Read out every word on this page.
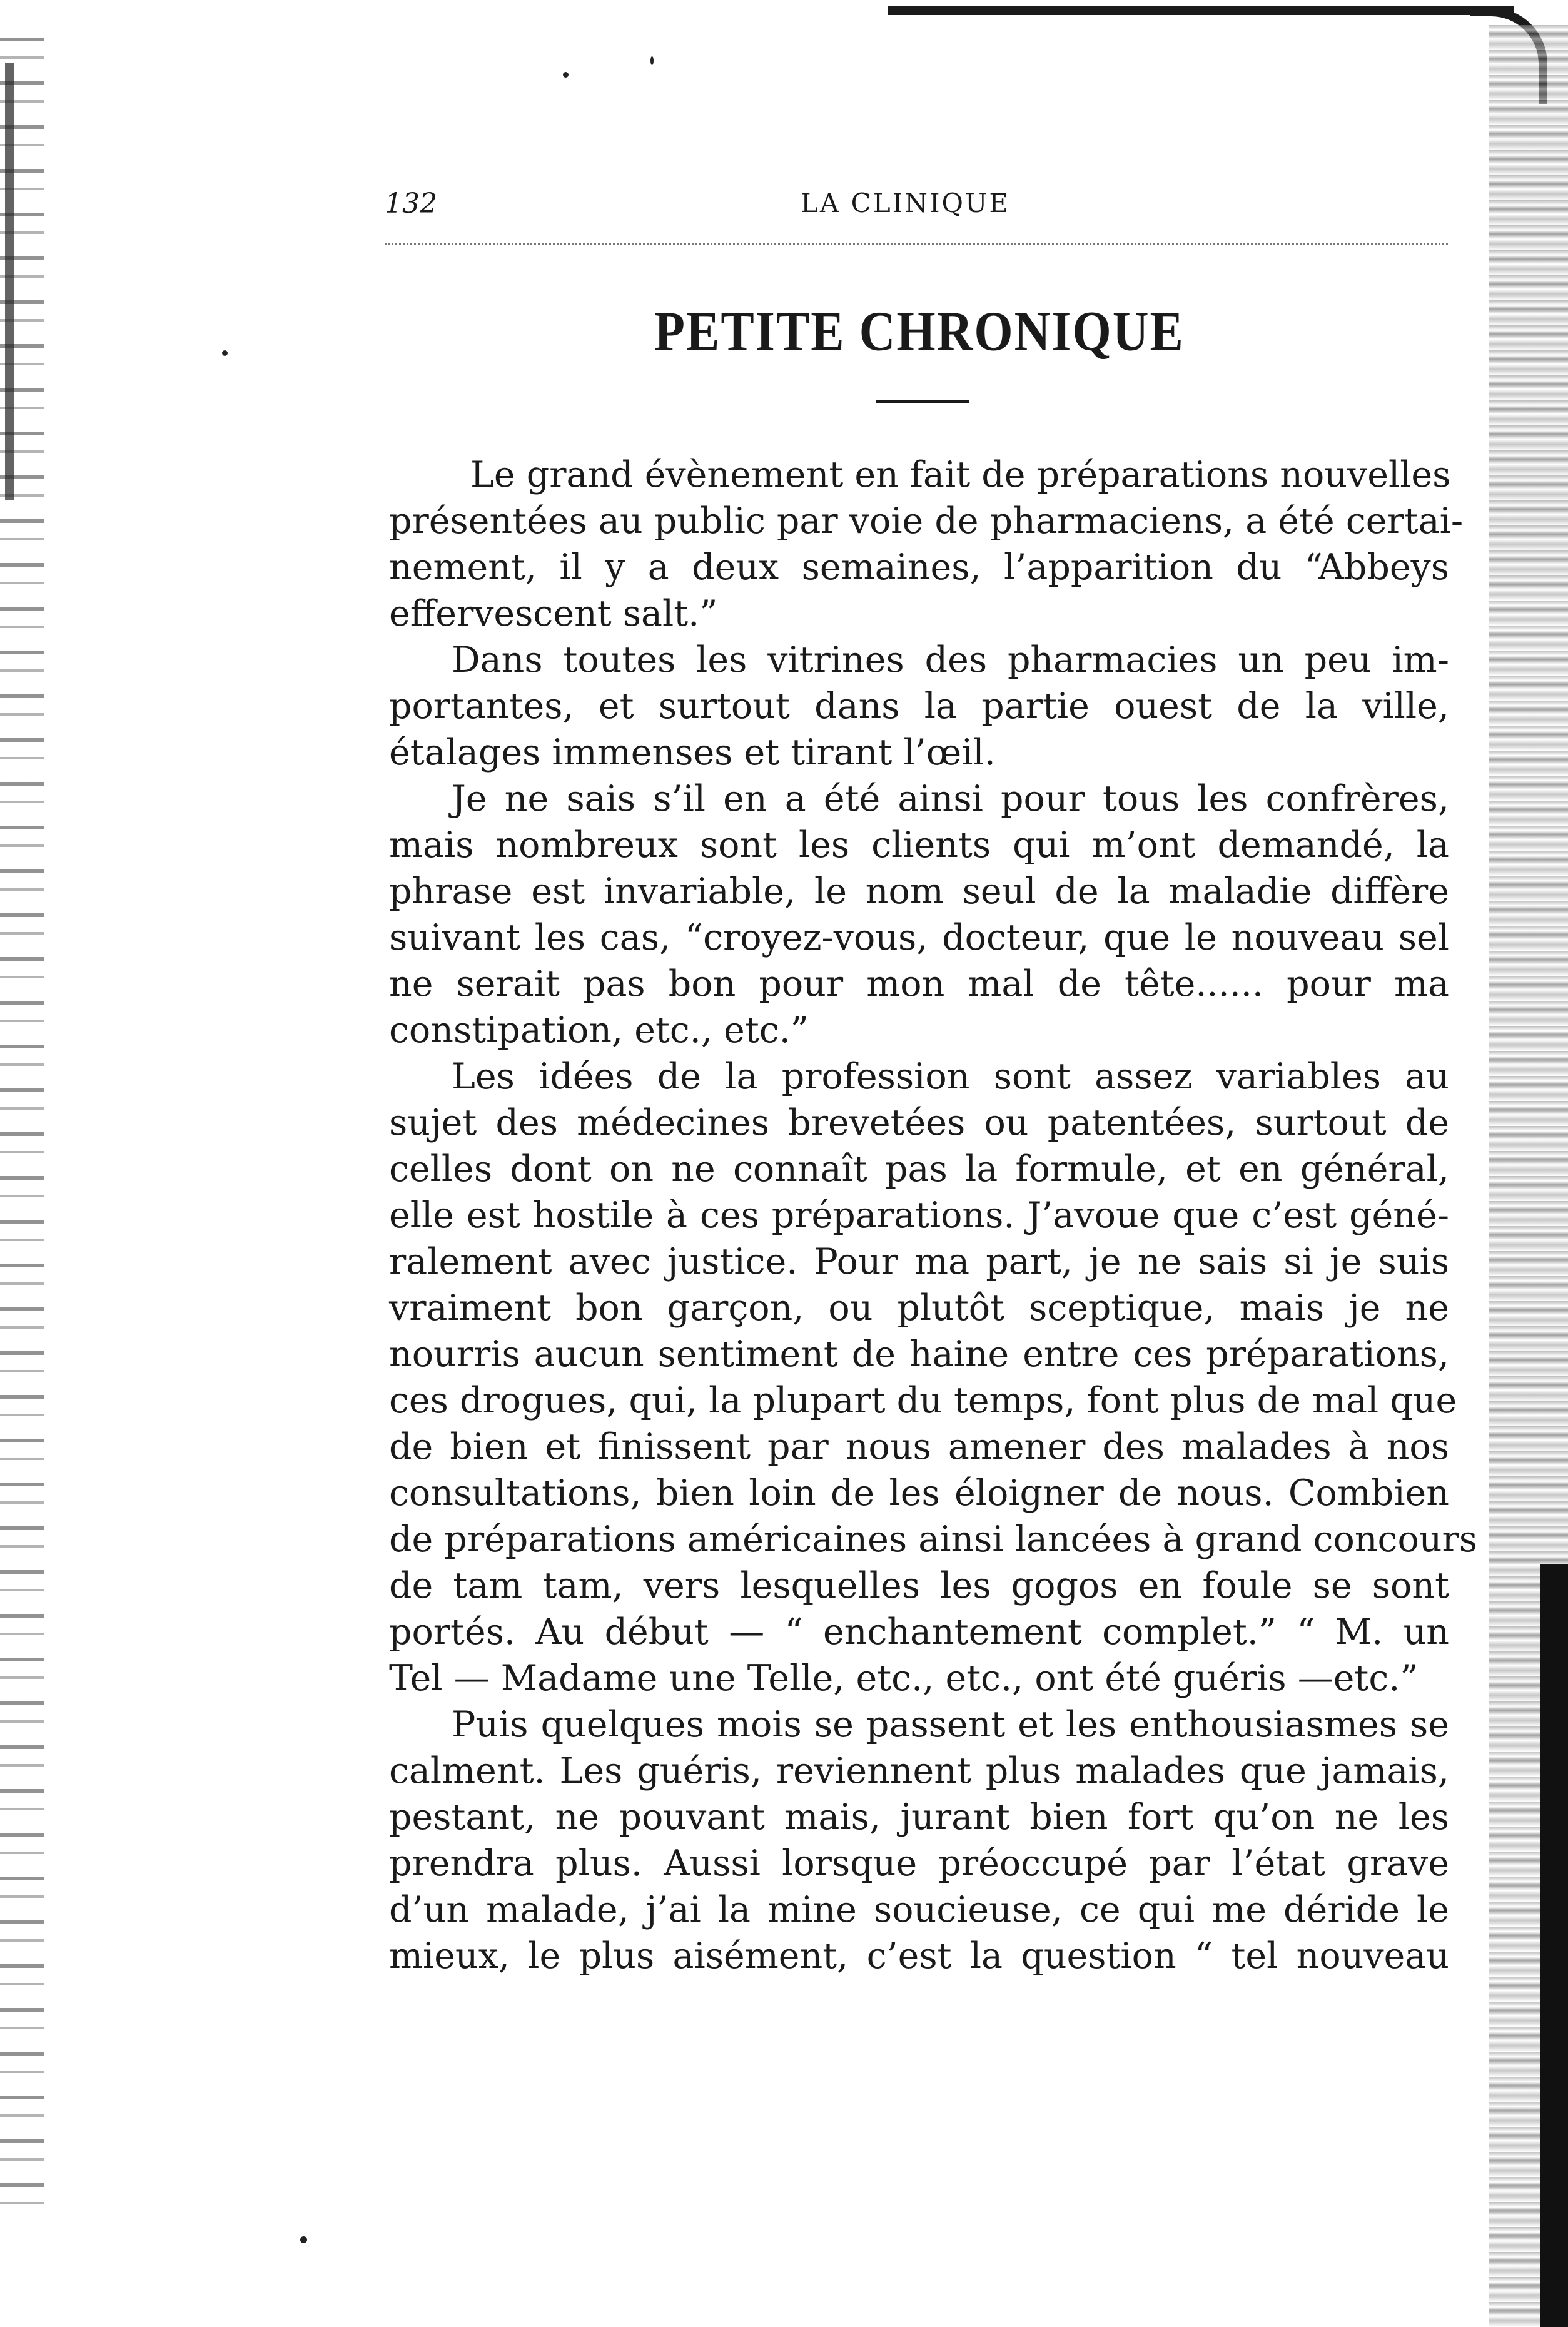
132	LA CLINIQUE
PETITE CHRONIQUE
Le grand évènement en fait de préparations nouvelles
présentées au public par voie de pharmaciens, a été certai-
nement, il y a deux semaines, l’apparition du “Abbeys
effervescent salt.”
Dans toutes les vitrines des pharmacies un peu im-
portantes, et surtout dans la partie ouest de la ville,
étalages immenses et tirant l’œil.
Je ne sais s’il en a été ainsi pour tous les confrères,
mais nombreux sont les clients qui m’ont demandé, la
phrase est invariable, le nom seul de la maladie diffère
suivant les cas, “croyez-vous, docteur, que le nouveau sel
ne serait pas bon pour mon mal de tête...... pour ma
constipation, etc., etc.”
Les idées de la profession sont assez variables au
sujet des médecines brevetées ou patentées, surtout de
celles dont on ne connaît pas la formule, et en général,
elle est hostile à ces préparations. J’avoue que c’est géné-
ralement avec justice. Pour ma part, je ne sais si je suis
vraiment bon garçon, ou plutôt sceptique, mais je ne
nourris aucun sentiment de haine entre ces préparations,
ces drogues, qui, la plupart du temps, font plus de mal que
de bien et finissent par nous amener des malades à nos
consultations, bien loin de les éloigner de nous. Combien
de préparations américaines ainsi lancées à grand concours
de tam tam, vers lesquelles les gogos en foule se sont
portés. Au début — “ enchantement complet.” “ M. un
Tel — Madame une Telle, etc., etc., ont été guéris —etc.”
Puis quelques mois se passent et les enthousiasmes se
calment. Les guéris, reviennent plus malades que jamais,
pestant, ne pouvant mais, jurant bien fort qu’on ne les
prendra plus. Aussi lorsque préoccupé par l’état grave
d’un malade, j’ai la mine soucieuse, ce qui me déride le
mieux, le plus aisément, c’est la question “ tel nouveau
